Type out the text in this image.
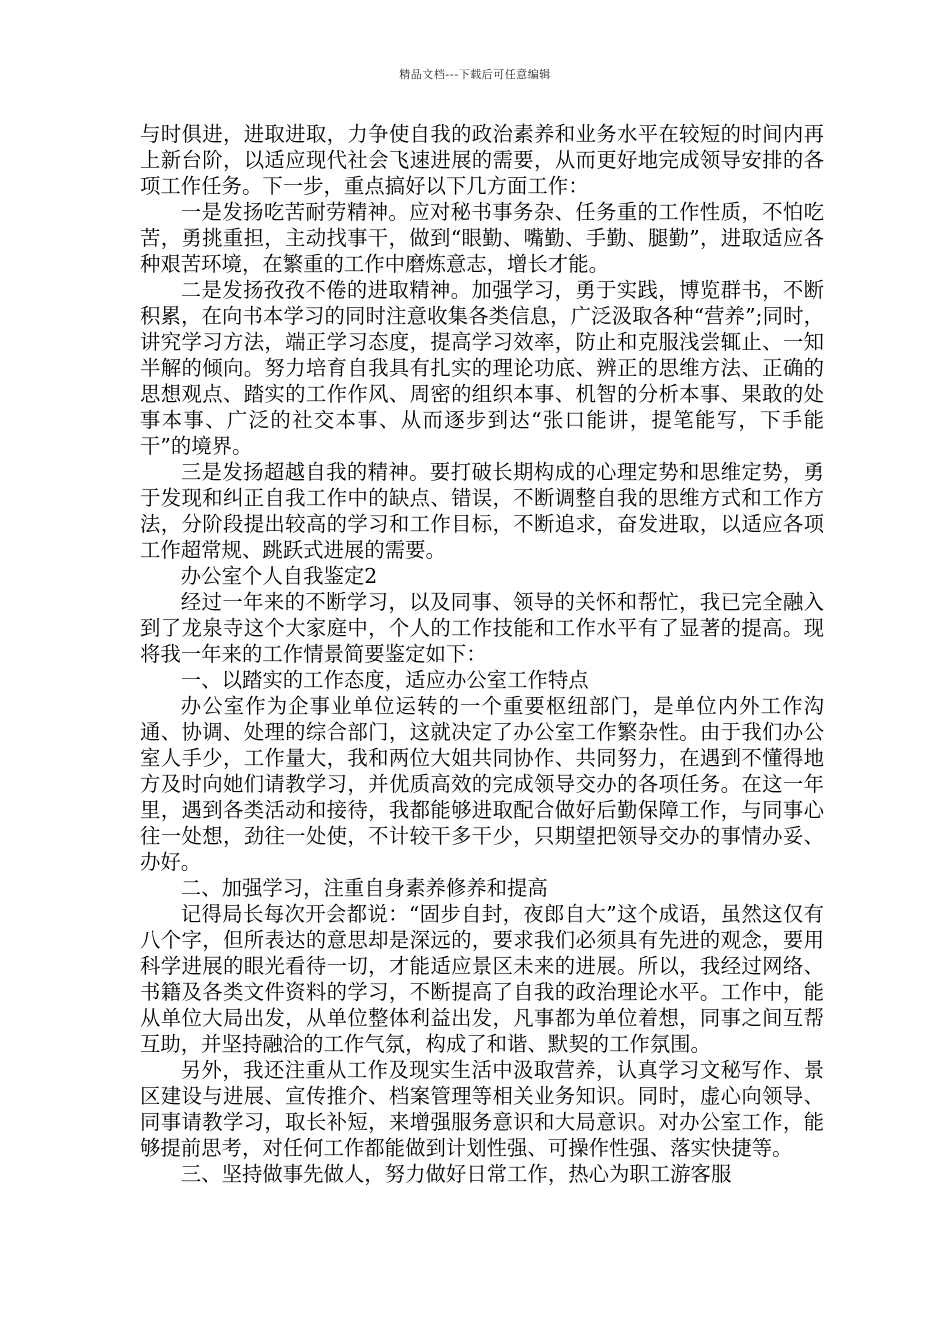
精品文档---下载后可任意编辑

与时俱进，进取进取，力争使自我的政治素养和业务水平在较短的时间内再上新台阶，以适应现代社会飞速进展的需要，从而更好地完成领导安排的各项工作任务。下一步，重点搞好以下几方面工作：

一是发扬吃苦耐劳精神。应对秘书事务杂、任务重的工作性质，不怕吃苦，勇挑重担，主动找事干，做到“眼勤、嘴勤、手勤、腿勤”，进取适应各种艰苦环境，在繁重的工作中磨炼意志，增长才能。

二是发扬孜孜不倦的进取精神。加强学习，勇于实践，博览群书，不断积累，在向书本学习的同时注意收集各类信息，广泛汲取各种“营养”;同时，讲究学习方法，端正学习态度，提高学习效率，防止和克服浅尝辄止、一知半解的倾向。努力培育自我具有扎实的理论功底、辨正的思维方法、正确的思想观点、踏实的工作作风、周密的组织本事、机智的分析本事、果敢的处事本事、广泛的社交本事、从而逐步到达“张口能讲，提笔能写，下手能干”的境界。

三是发扬超越自我的精神。要打破长期构成的心理定势和思维定势，勇于发现和纠正自我工作中的缺点、错误，不断调整自我的思维方式和工作方法，分阶段提出较高的学习和工作目标，不断追求，奋发进取，以适应各项工作超常规、跳跃式进展的需要。

办公室个人自我鉴定2

经过一年来的不断学习，以及同事、领导的关怀和帮忙，我已完全融入到了龙泉寺这个大家庭中，个人的工作技能和工作水平有了显著的提高。现将我一年来的工作情景简要鉴定如下：

一、以踏实的工作态度，适应办公室工作特点

办公室作为企事业单位运转的一个重要枢纽部门，是单位内外工作沟通、协调、处理的综合部门，这就决定了办公室工作繁杂性。由于我们办公室人手少，工作量大，我和两位大姐共同协作、共同努力，在遇到不懂得地方及时向她们请教学习，并优质高效的完成领导交办的各项任务。在这一年里，遇到各类活动和接待，我都能够进取配合做好后勤保障工作，与同事心往一处想，劲往一处使，不计较干多干少，只期望把领导交办的事情办妥、办好。

二、加强学习，注重自身素养修养和提高

记得局长每次开会都说：“固步自封，夜郎自大”这个成语，虽然这仅有八个字，但所表达的意思却是深远的，要求我们必须具有先进的观念，要用科学进展的眼光看待一切，才能适应景区未来的进展。所以，我经过网络、书籍及各类文件资料的学习，不断提高了自我的政治理论水平。工作中，能从单位大局出发，从单位整体利益出发，凡事都为单位着想，同事之间互帮互助，并坚持融洽的工作气氛，构成了和谐、默契的工作氛围。

另外，我还注重从工作及现实生活中汲取营养，认真学习文秘写作、景区建设与进展、宣传推介、档案管理等相关业务知识。同时，虚心向领导、同事请教学习，取长补短，来增强服务意识和大局意识。对办公室工作，能够提前思考，对任何工作都能做到计划性强、可操作性强、落实快捷等。

三、坚持做事先做人，努力做好日常工作，热心为职工游客服
